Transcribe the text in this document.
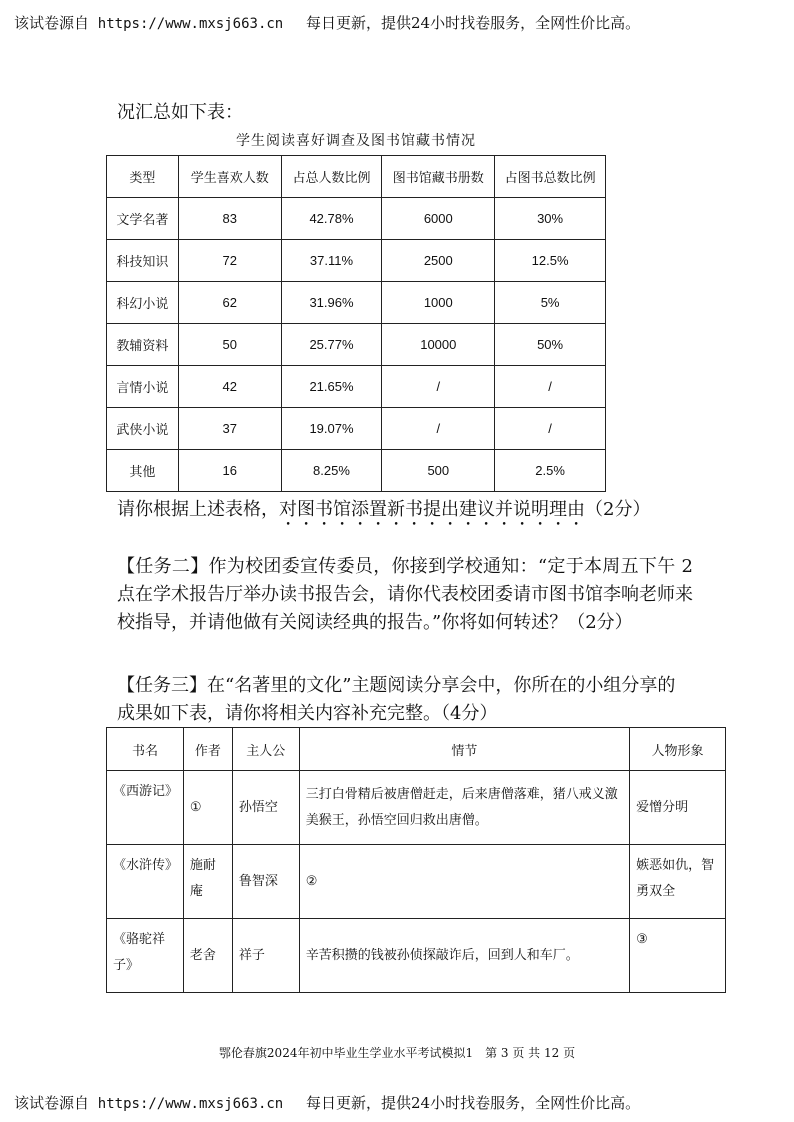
该试卷源自 https://www.mxsj663.cn 每日更新，提供24小时找卷服务，全网性价比高。
况汇总如下表：
学生阅读喜好调查及图书馆藏书情况
类型	学生喜欢人数	占总人数比例	图书馆藏书册数	占图书总数比例
文学名著	83	42.78%	6000	30%
科技知识	72	37.11%	2500	12.5%
科幻小说	62	31.96%	1000	5%
教辅资料	50	25.77%	10000	50%
言情小说	42	21.65%	/	/
武侠小说	37	19.07%	/	/
其他	16	8.25%	500	2.5%
请你根据上述表格，对图书馆添置新书提出建议并说明理由（2分）
【任务二】作为校团委宣传委员，你接到学校通知：“定于本周五下午 2
点在学术报告厅举办读书报告会，请你代表校团委请市图书馆李响老师来
校指导，并请他做有关阅读经典的报告。”你将如何转述？（2分）
【任务三】在“名著里的文化”主题阅读分享会中，你所在的小组分享的
成果如下表，请你将相关内容补充完整。（4分）
书名	作者	主人公	情节	人物形象
《西游记》	①	孙悟空	三打白骨精后被唐僧赶走，后来唐僧落难，猪八戒义激美猴王，孙悟空回归救出唐僧。	爱憎分明
《水浒传》	施耐庵	鲁智深	②	嫉恶如仇，智勇双全
《骆驼祥子》	老舍	祥子	辛苦积攒的钱被孙侦探敲诈后，回到人和车厂。	③
鄂伦春旗2024年初中毕业生学业水平考试模拟1　第 3 页 共 12 页
该试卷源自 https://www.mxsj663.cn 每日更新，提供24小时找卷服务，全网性价比高。
